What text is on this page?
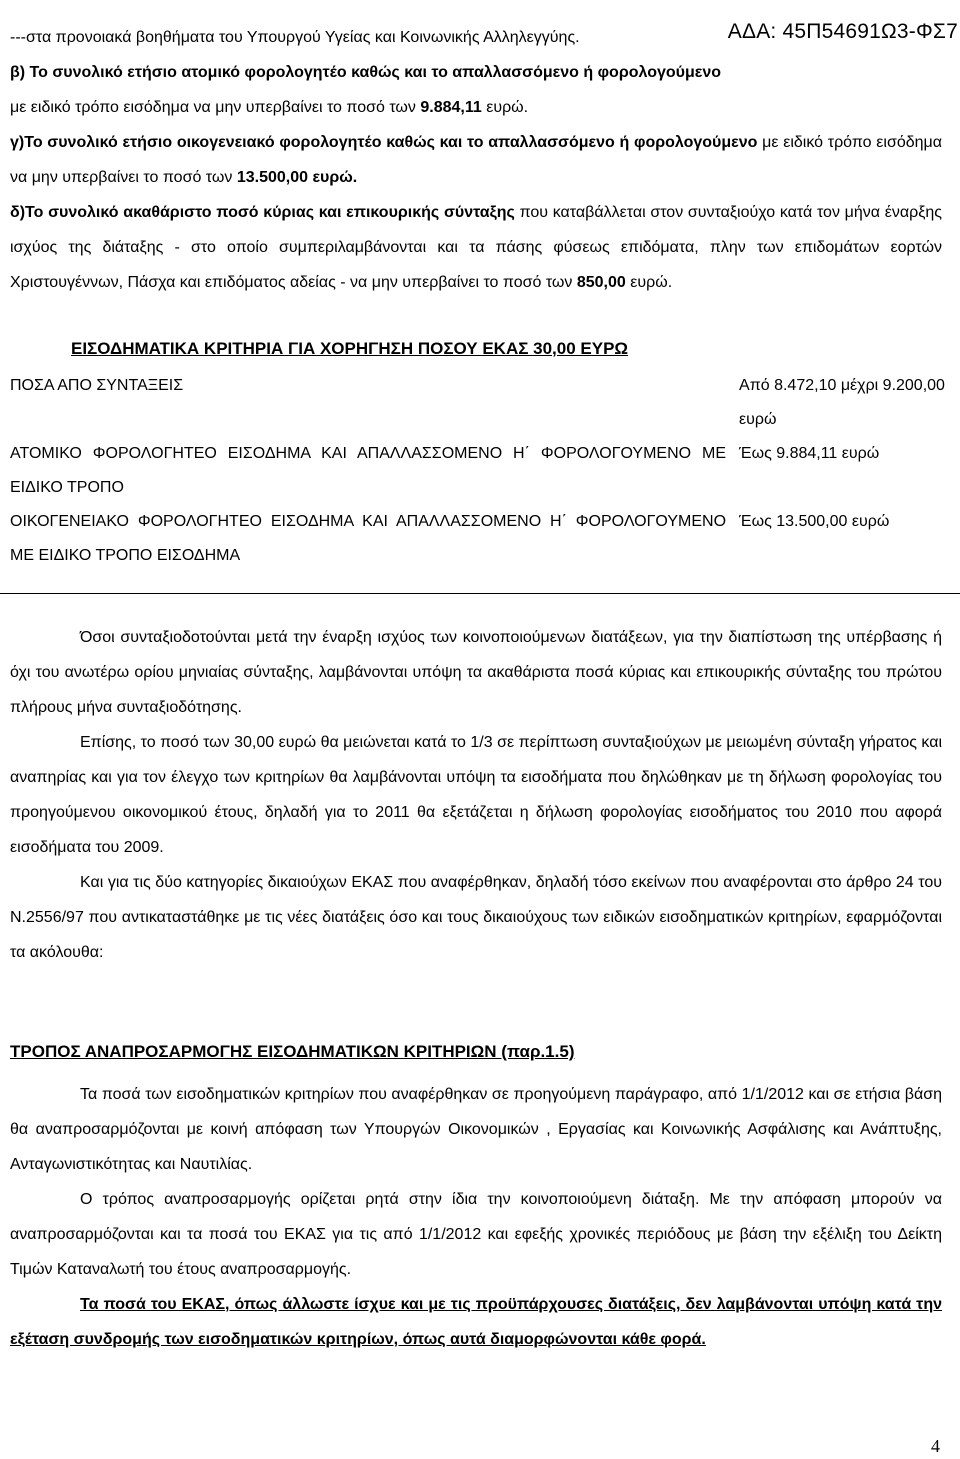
ΑΔΑ: 45Π54691Ω3-ΦΣ7

---στα προνοιακά βοηθήματα του Υπουργού Υγείας και Κοινωνικής Αλληλεγγύης.

β) Το συνολικό ετήσιο ατομικό φορολογητέο καθώς και το απαλλασσόμενο ή φορολογούμενο
με ειδικό τρόπο εισόδημα να μην υπερβαίνει το ποσό των 9.884,11 ευρώ.

γ)Το συνολικό ετήσιο οικογενειακό φορολογητέο καθώς και το απαλλασσόμενο ή φορολογούμενο με ειδικό τρόπο εισόδημα να μην υπερβαίνει το ποσό των 13.500,00 ευρώ.

δ)Το συνολικό ακαθάριστο ποσό κύριας και επικουρικής σύνταξης που καταβάλλεται στον συνταξιούχο κατά τον μήνα έναρξης ισχύος της διάταξης - στο οποίο συμπεριλαμβάνονται και τα πάσης φύσεως επιδόματα, πλην των επιδομάτων εορτών Χριστουγέννων, Πάσχα και επιδόματος αδείας - να μην υπερβαίνει το ποσό των 850,00 ευρώ.

ΕΙΣΟΔΗΜΑΤΙΚΑ ΚΡΙΤΗΡΙΑ ΓΙΑ ΧΟΡΗΓΗΣΗ ΠΟΣΟΥ ΕΚΑΣ 30,00 ΕΥΡΩ
ΠΟΣΑ ΑΠΟ ΣΥΝΤΑΞΕΙΣ	Από 8.472,10 μέχρι 9.200,00 ευρώ
ΑΤΟΜΙΚΟ ΦΟΡΟΛΟΓΗΤΕΟ ΕΙΣΟΔΗΜΑ ΚΑΙ ΑΠΑΛΛΑΣΣΟΜΕΝΟ Η΄ ΦΟΡΟΛΟΓΟΥΜΕΝΟ ΜΕ ΕΙΔΙΚΟ ΤΡΟΠΟ	Έως 9.884,11 ευρώ
ΟΙΚΟΓΕΝΕΙΑΚΟ ΦΟΡΟΛΟΓΗΤΕΟ ΕΙΣΟΔΗΜΑ ΚΑΙ ΑΠΑΛΛΑΣΣΟΜΕΝΟ Η΄ ΦΟΡΟΛΟΓΟΥΜΕΝΟ ΜΕ ΕΙΔΙΚΟ ΤΡΟΠΟ ΕΙΣΟΔΗΜΑ	Έως 13.500,00 ευρώ

Όσοι συνταξιοδοτούνται μετά την έναρξη ισχύος των κοινοποιούμενων διατάξεων, για την διαπίστωση της υπέρβασης ή όχι του ανωτέρω ορίου μηνιαίας σύνταξης, λαμβάνονται υπόψη τα ακαθάριστα ποσά κύριας και επικουρικής σύνταξης του πρώτου πλήρους μήνα συνταξιοδότησης.

Επίσης, το ποσό των 30,00 ευρώ θα μειώνεται κατά το 1/3 σε περίπτωση συνταξιούχων με μειωμένη σύνταξη γήρατος και αναπηρίας και για τον έλεγχο των κριτηρίων θα λαμβάνονται υπόψη τα εισοδήματα που δηλώθηκαν με τη δήλωση φορολογίας του προηγούμενου οικονομικού έτους, δηλαδή για το 2011 θα εξετάζεται η δήλωση φορολογίας εισοδήματος του 2010 που αφορά εισοδήματα του 2009.

Και για τις δύο κατηγορίες δικαιούχων ΕΚΑΣ που αναφέρθηκαν, δηλαδή τόσο εκείνων που αναφέρονται στο άρθρο 24 του Ν.2556/97 που αντικαταστάθηκε με τις νέες διατάξεις όσο και τους δικαιούχους των ειδικών εισοδηματικών κριτηρίων, εφαρμόζονται τα ακόλουθα:

ΤΡΟΠΟΣ ΑΝΑΠΡΟΣΑΡΜΟΓΗΣ ΕΙΣΟΔΗΜΑΤΙΚΩΝ ΚΡΙΤΗΡΙΩΝ (παρ.1.5)

Τα ποσά των εισοδηματικών κριτηρίων που αναφέρθηκαν σε προηγούμενη παράγραφο, από 1/1/2012 και σε ετήσια βάση θα αναπροσαρμόζονται με κοινή απόφαση των Υπουργών Οικονομικών , Εργασίας και Κοινωνικής Ασφάλισης και Ανάπτυξης, Ανταγωνιστικότητας και Ναυτιλίας.

Ο τρόπος αναπροσαρμογής ορίζεται ρητά στην ίδια την κοινοποιούμενη διάταξη. Με την απόφαση μπορούν να αναπροσαρμόζονται και τα ποσά του ΕΚΑΣ για τις από 1/1/2012 και εφεξής χρονικές περιόδους με βάση την εξέλιξη του Δείκτη Τιμών Καταναλωτή του έτους αναπροσαρμογής.

Τα ποσά του ΕΚΑΣ, όπως άλλωστε ίσχυε και με τις προϋπάρχουσες διατάξεις, δεν λαμβάνονται υπόψη κατά την εξέταση συνδρομής των εισοδηματικών κριτηρίων, όπως αυτά διαμορφώνονται κάθε φορά.

4
